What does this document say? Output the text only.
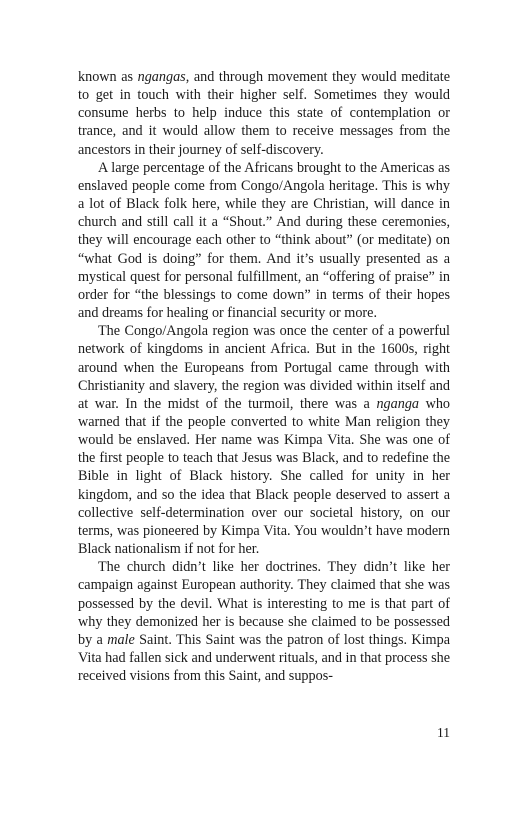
known as ngangas, and through movement they would meditate to get in touch with their higher self. Sometimes they would consume herbs to help induce this state of contemplation or trance, and it would allow them to receive messages from the ancestors in their journey of self-discovery.

A large percentage of the Africans brought to the Americas as enslaved people come from Congo/Angola heritage. This is why a lot of Black folk here, while they are Christian, will dance in church and still call it a “Shout.” And during these ceremonies, they will encourage each other to “think about” (or meditate) on “what God is doing” for them. And it’s usually presented as a mystical quest for personal fulfillment, an “offering of praise” in order for “the blessings to come down” in terms of their hopes and dreams for healing or financial security or more.

The Congo/Angola region was once the center of a powerful network of kingdoms in ancient Africa. But in the 1600s, right around when the Europeans from Portugal came through with Christianity and slavery, the region was divided within itself and at war. In the midst of the turmoil, there was a nganga who warned that if the people converted to white Man religion they would be enslaved. Her name was Kimpa Vita. She was one of the first people to teach that Jesus was Black, and to redefine the Bible in light of Black history. She called for unity in her kingdom, and so the idea that Black people deserved to assert a collective self-determination over our societal history, on our terms, was pioneered by Kimpa Vita. You wouldn’t have modern Black nationalism if not for her.

The church didn’t like her doctrines. They didn’t like her campaign against European authority. They claimed that she was possessed by the devil. What is interesting to me is that part of why they demonized her is because she claimed to be possessed by a male Saint. This Saint was the patron of lost things. Kimpa Vita had fallen sick and underwent rituals, and in that process she received visions from this Saint, and suppos-

11
